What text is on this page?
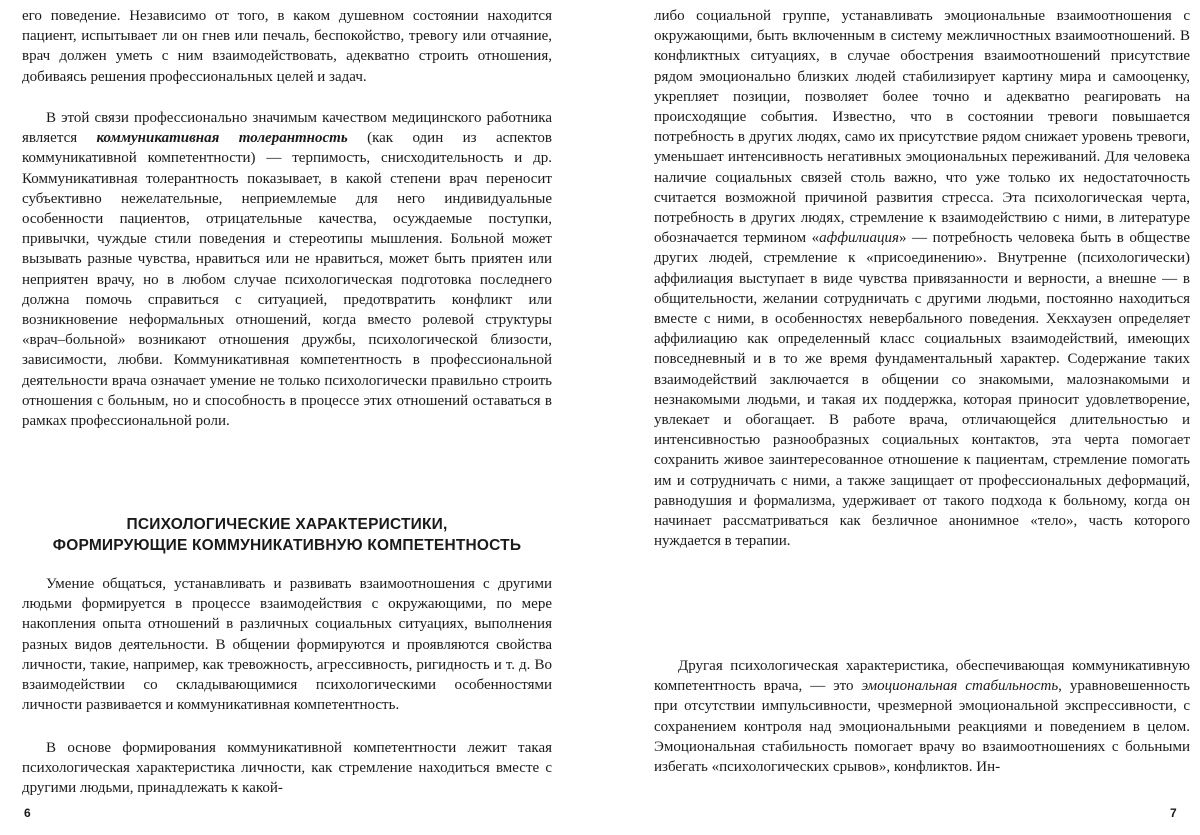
его поведение. Независимо от того, в каком душевном состоянии находится пациент, испытывает ли он гнев или печаль, беспокойство, тревогу или отчаяние, врач должен уметь с ним взаимодействовать, адекватно строить отношения, добиваясь решения профессиональных целей и задач.

В этой связи профессионально значимым качеством медицинского работника является коммуникативная толерантность (как один из аспектов коммуникативной компетентности) — терпимость, снисходительность и др. Коммуникативная толерантность показывает, в какой степени врач переносит субъективно нежелательные, неприемлемые для него индивидуальные особенности пациентов, отрицательные качества, осуждаемые поступки, привычки, чуждые стили поведения и стереотипы мышления. Больной может вызывать разные чувства, нравиться или не нравиться, может быть приятен или неприятен врачу, но в любом случае психологическая подготовка последнего должна помочь справиться с ситуацией, предотвратить конфликт или возникновение неформальных отношений, когда вместо ролевой структуры «врач–больной» возникают отношения дружбы, психологической близости, зависимости, любви. Коммуникативная компетентность в профессиональной деятельности врача означает умение не только психологически правильно строить отношения с больным, но и способность в процессе этих отношений оставаться в рамках профессиональной роли.

ПСИХОЛОГИЧЕСКИЕ ХАРАКТЕРИСТИКИ,
ФОРМИРУЮЩИЕ КОММУНИКАТИВНУЮ КОМПЕТЕНТНОСТЬ

Умение общаться, устанавливать и развивать взаимоотношения с другими людьми формируется в процессе взаимодействия с окружающими, по мере накопления опыта отношений в различных социальных ситуациях, выполнения разных видов деятельности. В общении формируются и проявляются свойства личности, такие, например, как тревожность, агрессивность, ригидность и т. д. Во взаимодействии со складывающимися психологическими особенностями личности развивается и коммуникативная компетентность.

В основе формирования коммуникативной компетентности лежит такая психологическая характеристика личности, как стремление находиться вместе с другими людьми, принадлежать к какой-

6

либо социальной группе, устанавливать эмоциональные взаимоотношения с окружающими, быть включенным в систему межличностных взаимоотношений. В конфликтных ситуациях, в случае обострения взаимоотношений присутствие рядом эмоционально близких людей стабилизирует картину мира и самооценку, укрепляет позиции, позволяет более точно и адекватно реагировать на происходящие события. Известно, что в состоянии тревоги повышается потребность в других людях, само их присутствие рядом снижает уровень тревоги, уменьшает интенсивность негативных эмоциональных переживаний. Для человека наличие социальных связей столь важно, что уже только их недостаточность считается возможной причиной развития стресса. Эта психологическая черта, потребность в других людях, стремление к взаимодействию с ними, в литературе обозначается термином «аффилиация» — потребность человека быть в обществе других людей, стремление к «присоединению». Внутренне (психологически) аффилиация выступает в виде чувства привязанности и верности, а внешне — в общительности, желании сотрудничать с другими людьми, постоянно находиться вместе с ними, в особенностях невербального поведения. Хекхаузен определяет аффилиацию как определенный класс социальных взаимодействий, имеющих повседневный и в то же время фундаментальный характер. Содержание таких взаимодействий заключается в общении со знакомыми, малознакомыми и незнакомыми людьми, и такая их поддержка, которая приносит удовлетворение, увлекает и обогащает. В работе врача, отличающейся длительностью и интенсивностью разнообразных социальных контактов, эта черта помогает сохранить живое заинтересованное отношение к пациентам, стремление помогать им и сотрудничать с ними, а также защищает от профессиональных деформаций, равнодушия и формализма, удерживает от такого подхода к больному, когда он начинает рассматриваться как безличное анонимное «тело», часть которого нуждается в терапии.

Другая психологическая характеристика, обеспечивающая коммуникативную компетентность врача, — это эмоциональная стабильность, уравновешенность при отсутствии импульсивности, чрезмерной эмоциональной экспрессивности, с сохранением контроля над эмоциональными реакциями и поведением в целом. Эмоциональная стабильность помогает врачу во взаимоотношениях с больными избегать «психологических срывов», конфликтов. Ин-

7
